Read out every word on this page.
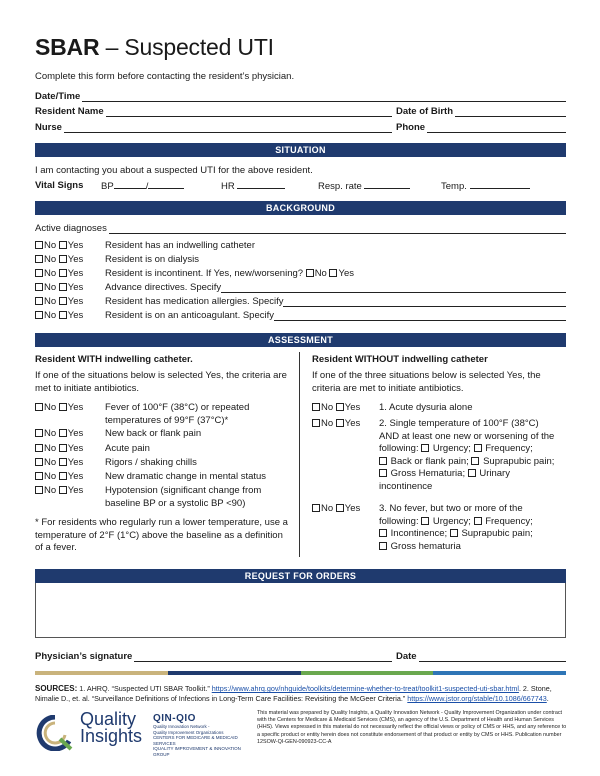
SBAR – Suspected UTI
Complete this form before contacting the resident’s physician.
Date/Time
Resident Name	Date of Birth
Nurse	Phone
SITUATION
I am contacting you about a suspected UTI for the above resident.
Vital Signs BP	/	HR	Resp. rate	Temp.
BACKGROUND
Active diagnoses
No Yes Resident has an indwelling catheter
No Yes Resident is on dialysis
No Yes Resident is incontinent. If Yes, new/worsening? No Yes
No Yes Advance directives. Specify
No Yes Resident has medication allergies. Specify
No Yes Resident is on an anticoagulant. Specify
ASSESSMENT
Resident WITH indwelling catheter.
If one of the situations below is selected Yes, the criteria are met to initiate antibiotics.
No Yes Fever of 100°F (38°C) or repeated temperatures of 99°F (37°C)*
No Yes New back or flank pain
No Yes Acute pain
No Yes Rigors / shaking chills
No Yes New dramatic change in mental status
No Yes Hypotension (significant change from baseline BP or a systolic BP <90)
* For residents who regularly run a lower temperature, use a temperature of 2°F (1°C) above the baseline as a definition of a fever.
Resident WITHOUT indwelling catheter
If one of the three situations below is selected Yes, the criteria are met to initiate antibiotics.
No Yes 1. Acute dysuria alone
No Yes 2. Single temperature of 100°F (38°C)
AND at least one new or worsening of the
following: Urgency; Frequency;
Back or flank pain; Suprapubic pain;
Gross Hematuria; Urinary
incontinence
No Yes 3. No fever, but two or more of the
following: Urgency; Frequency;
Incontinence; Suprapubic pain;
Gross hematuria
REQUEST FOR ORDERS
Physician’s signature	Date
SOURCES: 1. AHRQ. “Suspected UTI SBAR Toolkit.” https://www.ahrq.gov/nhguide/toolkits/determine-whether-to-treat/toolkit1-suspected-uti-sbar.html. 2. Stone, Nimalie D., et. al. “Surveillance Definitions of Infections in Long-Term Care Facilities: Revisiting the McGeer Criteria.” https://www.jstor.org/stable/10.1086/667743.
Quality
Insights
QIN-QIO
Quality Innovation Network -
Quality Improvement Organizations
CENTERS FOR MEDICARE & MEDICAID SERVICES
IQUALITY IMPROVEMENT & INNOVATION GROUP
This material was prepared by Quality Insights, a Quality Innovation Network - Quality Improvement Organization under contract with the Centers for Medicare & Medicaid Services (CMS), an agency of the U.S. Department of Health and Human Services (HHS). Views expressed in this material do not necessarily reflect the official views or policy of CMS or HHS, and any reference to a specific product or entity herein does not constitute endorsement of that product or entity by CMS or HHS. Publication number 12SOW-QI-GEN-090923-CC-A
